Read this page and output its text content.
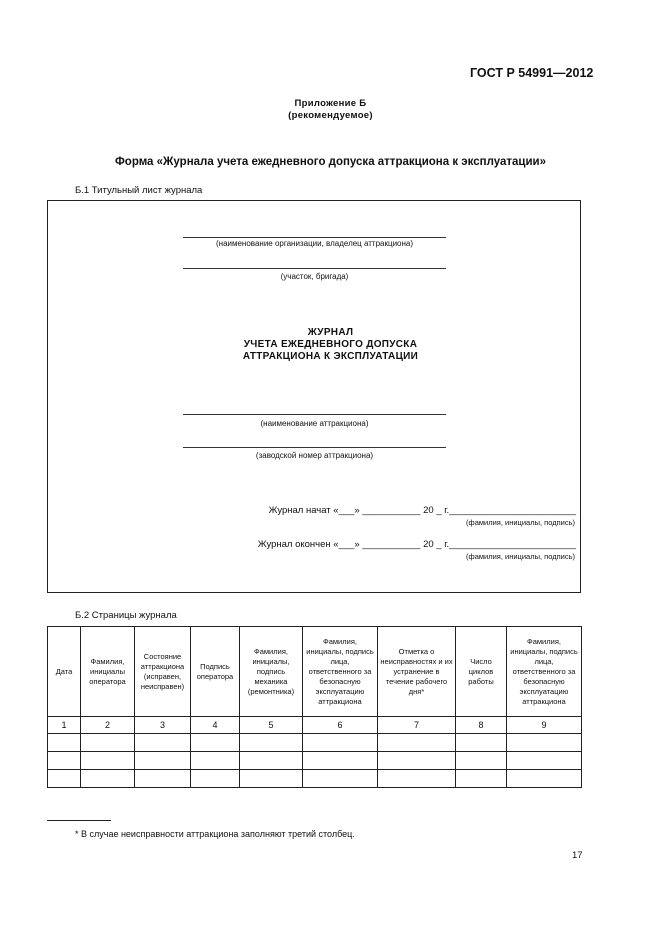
ГОСТ Р 54991—2012
Приложение Б
(рекомендуемое)
Форма «Журнала учета ежедневного допуска аттракциона к эксплуатации»
Б.1 Титульный лист журнала
(наименование организации, владелец аттракциона)
(участок, бригада)
ЖУРНАЛ
УЧЕТА ЕЖЕДНЕВНОГО ДОПУСКА
АТТРАКЦИОНА К ЭКСПЛУАТАЦИИ
(наименование аттракциона)
(заводской номер аттракциона)
Журнал начат «___» ___________ 20 _ г.________________________
(фамилия, инициалы, подпись)
Журнал окончен «___» ___________ 20 _ г.________________________
(фамилия, инициалы, подпись)
Б.2 Страницы журнала
Дата	Фамилия, инициалы оператора	Состояние аттракциона (исправен, неисправен)	Подпись оператора	Фамилия, инициалы, подпись механика (ремонтника)	Фамилия, инициалы, подпись лица, ответственного за безопасную эксплуатацию аттракциона	Отметка о неисправностях и их устранение в течение рабочего дня*	Число циклов работы	Фамилия, инициалы, подпись лица, ответственного за безопасную эксплуатацию аттракциона
1	2	3	4	5	6	7	8	9

* В случае неисправности аттракциона заполняют третий столбец.
17
